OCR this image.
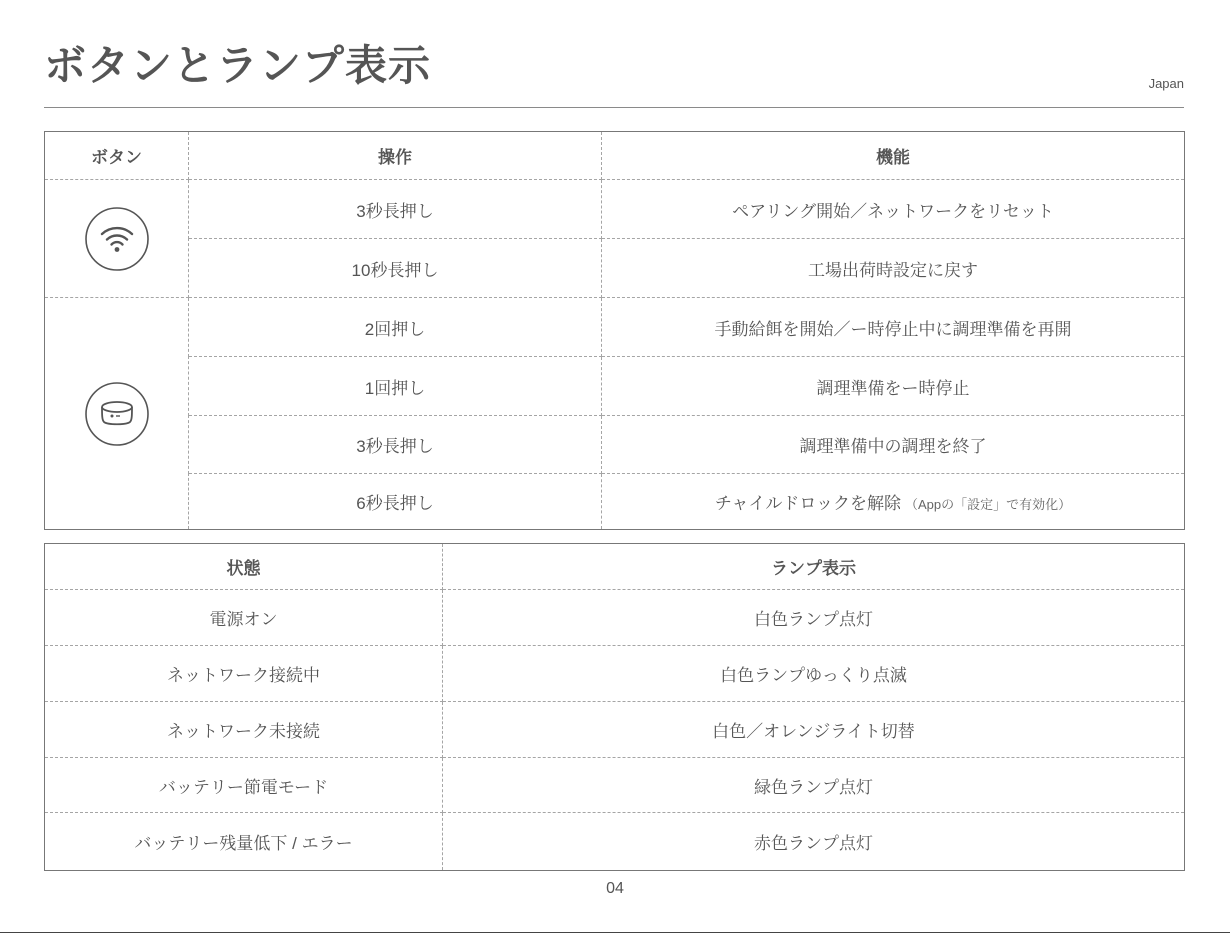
ボタンとランプ表示	Japan
ボタン	操作	機能
	3秒長押し	ペアリング開始／ネットワークをリセット
	10秒長押し	工場出荷時設定に戻す
	2回押し	手動給餌を開始／ー時停止中に調理準備を再開
	1回押し	調理準備をー時停止
	3秒長押し	調理準備中の調理を終了
	6秒長押し	チャイルドロックを解除 （Appの「設定」で有効化）
状態	ランプ表示
電源オン	白色ランプ点灯
ネットワーク接続中	白色ランプゆっくり点滅
ネットワーク未接続	白色／オレンジライト切替
バッテリー節電モード	緑色ランプ点灯
バッテリー残量低下 / エラー	赤色ランプ点灯
04
